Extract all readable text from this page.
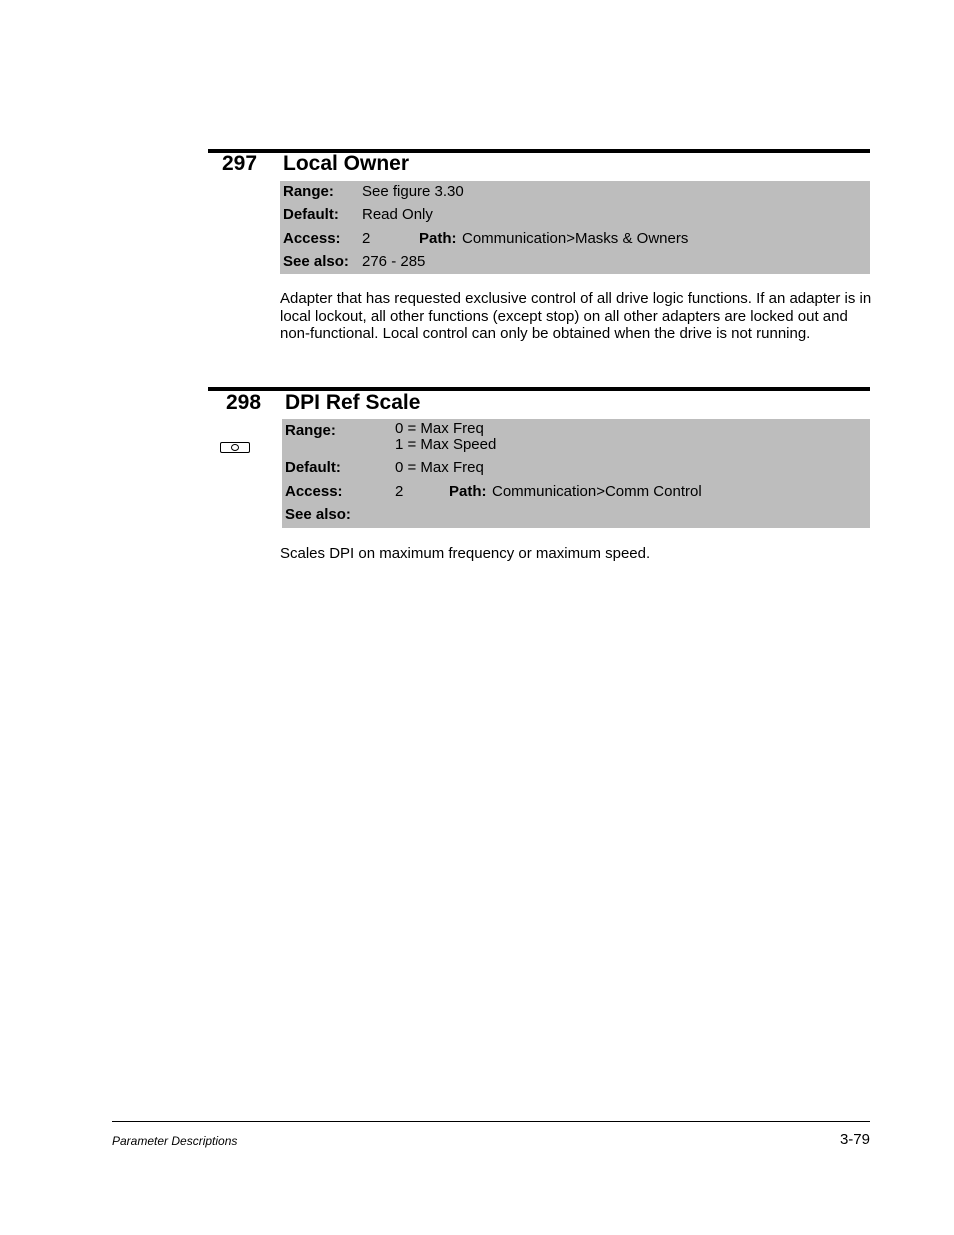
297 Local Owner
Range: See figure 3.30
Default: Read Only
Access: 2	Path: Communication>Masks & Owners
See also: 276 - 285
Adapter that has requested exclusive control of all drive logic functions. If an adapter is in local lockout, all other functions (except stop) on all other adapters are locked out and non-functional. Local control can only be obtained when the drive is not running.
298 DPI Ref Scale
Range:	0 = Max Freq
1 = Max Speed
Default:	0 = Max Freq
Access:	2	Path: Communication>Comm Control
See also:
Scales DPI on maximum frequency or maximum speed.
Parameter Descriptions	3-79
